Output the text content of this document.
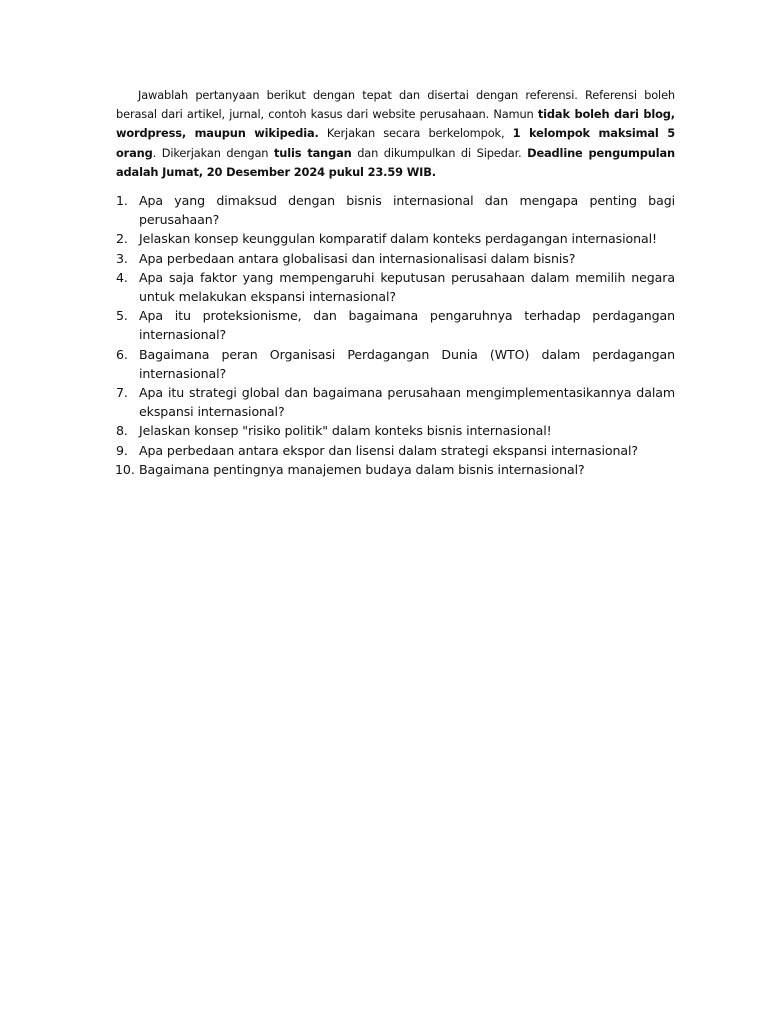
Jawablah pertanyaan berikut dengan tepat dan disertai dengan referensi. Referensi boleh berasal dari artikel, jurnal, contoh kasus dari website perusahaan. Namun tidak boleh dari blog, wordpress, maupun wikipedia. Kerjakan secara berkelompok, 1 kelompok maksimal 5 orang. Dikerjakan dengan tulis tangan dan dikumpulkan di Sipedar. Deadline pengumpulan adalah Jumat, 20 Desember 2024 pukul 23.59 WIB.

1. Apa yang dimaksud dengan bisnis internasional dan mengapa penting bagi perusahaan?
2. Jelaskan konsep keunggulan komparatif dalam konteks perdagangan internasional!
3. Apa perbedaan antara globalisasi dan internasionalisasi dalam bisnis?
4. Apa saja faktor yang mempengaruhi keputusan perusahaan dalam memilih negara untuk melakukan ekspansi internasional?
5. Apa itu proteksionisme, dan bagaimana pengaruhnya terhadap perdagangan internasional?
6. Bagaimana peran Organisasi Perdagangan Dunia (WTO) dalam perdagangan internasional?
7. Apa itu strategi global dan bagaimana perusahaan mengimplementasikannya dalam ekspansi internasional?
8. Jelaskan konsep "risiko politik" dalam konteks bisnis internasional!
9. Apa perbedaan antara ekspor dan lisensi dalam strategi ekspansi internasional?
10. Bagaimana pentingnya manajemen budaya dalam bisnis internasional?
